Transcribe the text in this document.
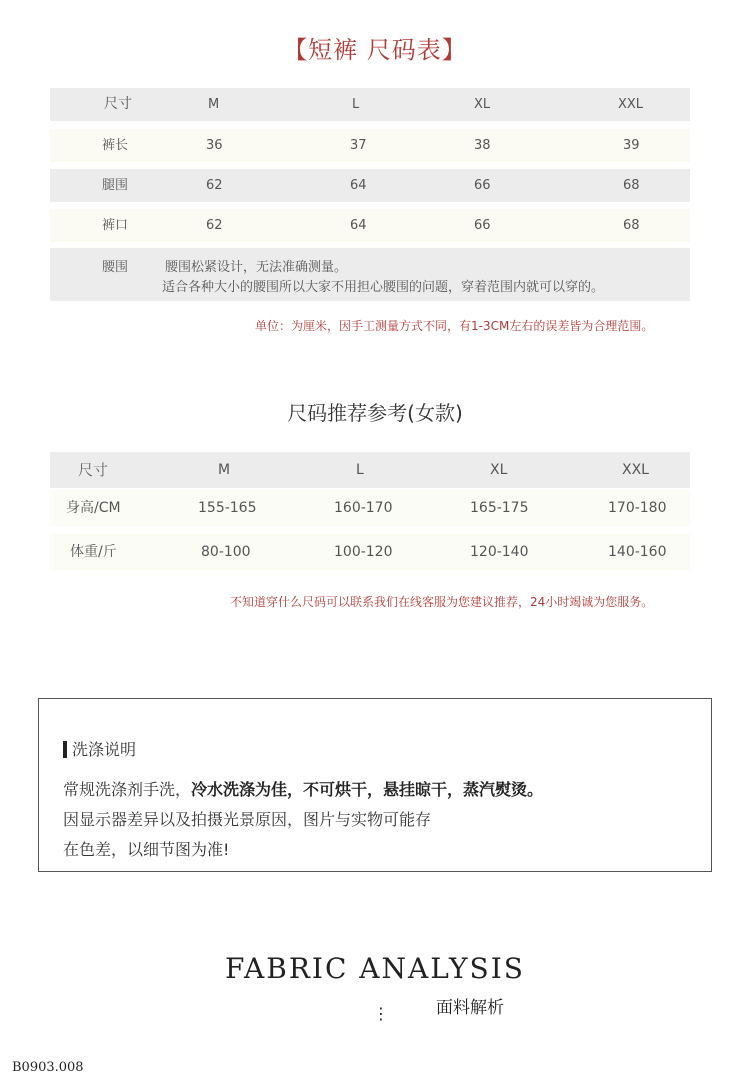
【短裤 尺码表】
尺寸	M	L	XL	XXL
裤长	36	37	38	39
腿围	62	64	66	68
裤口	62	64	66	68
腰围	腰围松紧设计，无法准确测量。
适合各种大小的腰围所以大家不用担心腰围的问题，穿着范围内就可以穿的。
单位：为厘米，因手工测量方式不同，有1-3CM左右的误差皆为合理范围。
尺码推荐参考(女款)
尺寸	M	L	XL	XXL
身高/CM	155-165	160-170	165-175	170-180
体重/斤	80-100	100-120	120-140	140-160
不知道穿什么尺码可以联系我们在线客服为您建议推荐，24小时竭诚为您服务。
洗涤说明
常规洗涤剂手洗，冷水洗涤为佳，不可烘干，悬挂晾干，蒸汽熨烫。
因显示器差异以及拍摄光景原因，图片与实物可能存
在色差，以细节图为准!
FABRIC ANALYSIS
面料解析
⋮
B0903.008
